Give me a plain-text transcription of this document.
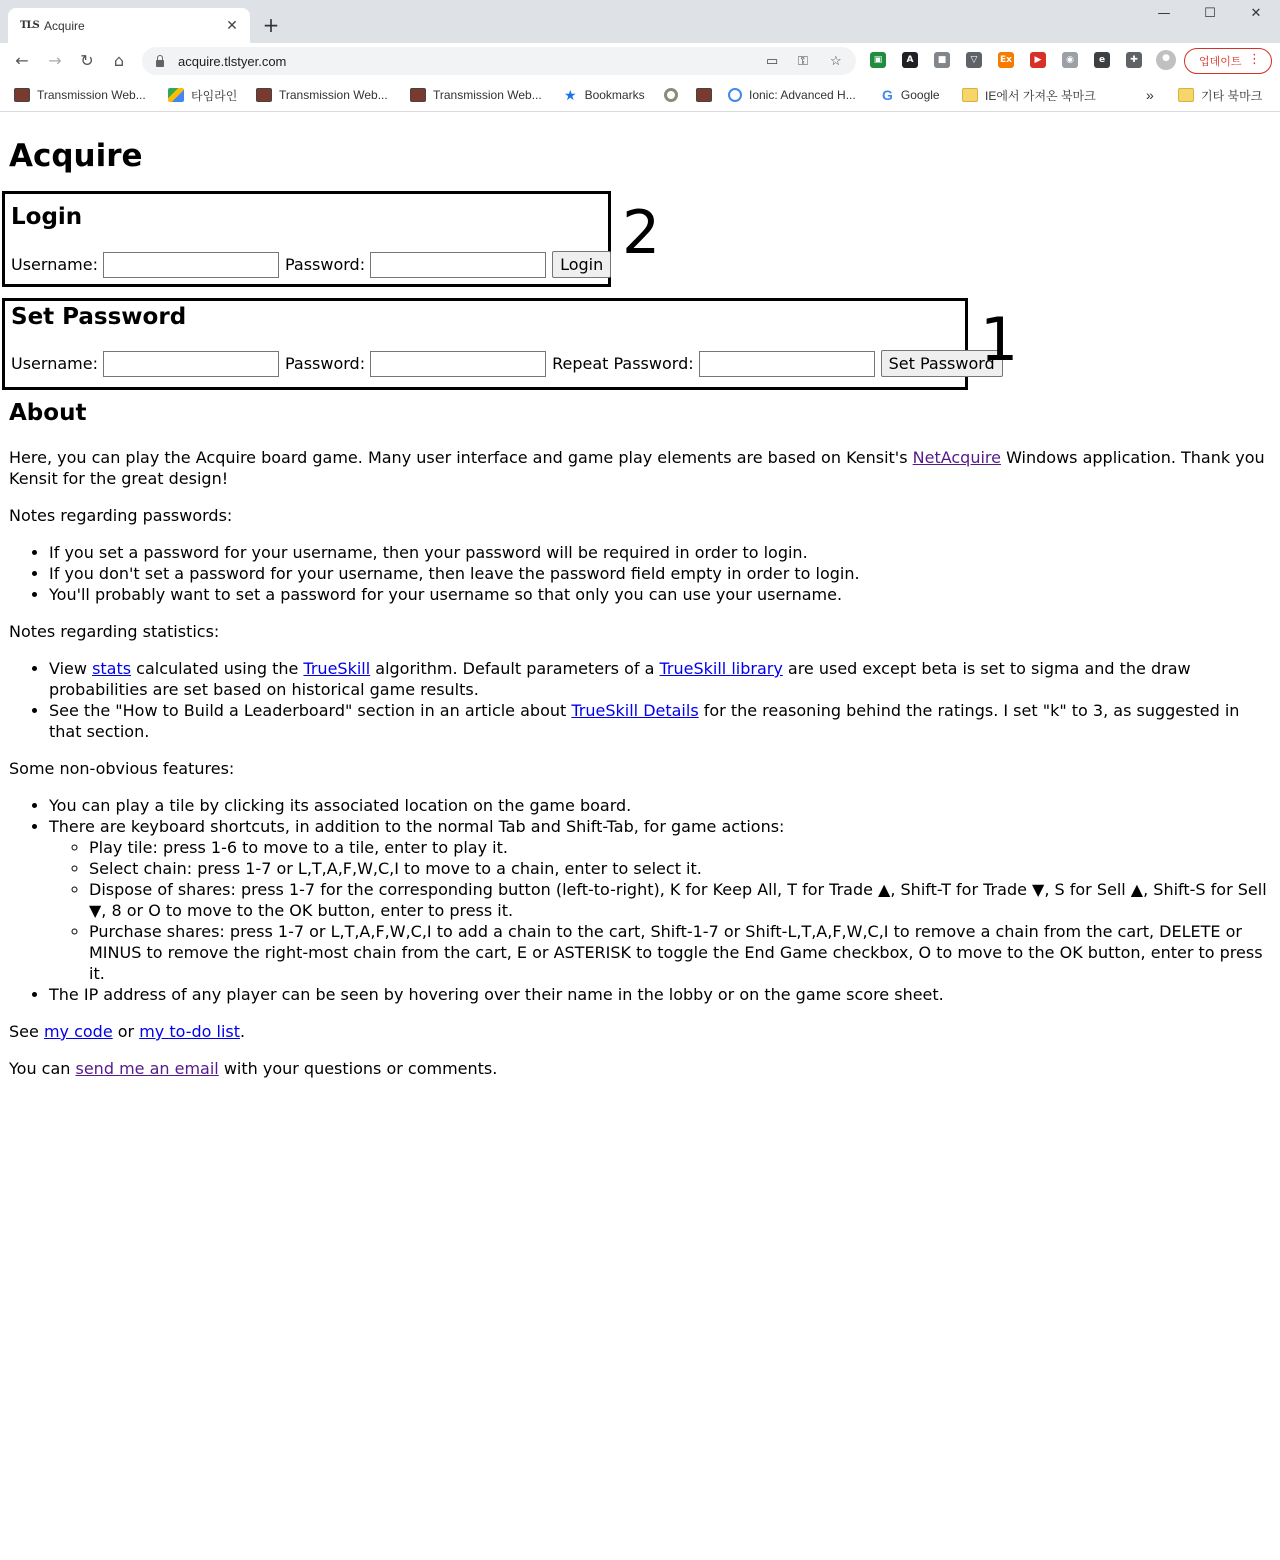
TLS Acquire	✕ +	—	☐	✕
← → ↻	⌂	acquire.tlstyer.com	▭ ⚿ ☆	▣	A	■	▽	Ex	▶	◉	e	✚	●	업데이트 ⋮
Transmission Web...	타임라인	Transmission Web...	Transmission Web... ★ Bookmarks	Ionic: Advanced H... G Google	IE에서 가져온 북마크	»	기타 북마크
Acquire
Login
Username:	Password:	Login 2
Set Password
Username:	Password:	Repeat Password:	Set Password
1
About

Here, you can play the Acquire board game. Many user interface and game play elements are based on Kensit's NetAcquire Windows application. Thank you Kensit for the great design!

Notes regarding passwords:

• If you set a password for your username, then your password will be required in order to login.
• If you don't set a password for your username, then leave the password field empty in order to login.
• You'll probably want to set a password for your username so that only you can use your username.

Notes regarding statistics:

• View stats calculated using the TrueSkill algorithm. Default parameters of a TrueSkill library are used except beta is set to sigma and the draw probabilities are set based on historical game results.
• See the "How to Build a Leaderboard" section in an article about TrueSkill Details for the reasoning behind the ratings. I set "k" to 3, as suggested in that section.

Some non-obvious features:

• You can play a tile by clicking its associated location on the game board.
• There are keyboard shortcuts, in addition to the normal Tab and Shift-Tab, for game actions:
◦ Play tile: press 1-6 to move to a tile, enter to play it.
◦ Select chain: press 1-7 or L,T,A,F,W,C,I to move to a chain, enter to select it.
◦ Dispose of shares: press 1-7 for the corresponding button (left-to-right), K for Keep All, T for Trade ▲, Shift-T for Trade ▼, S for Sell ▲, Shift-S for Sell ▼, 8 or O to move to the OK button, enter to press it.
◦ Purchase shares: press 1-7 or L,T,A,F,W,C,I to add a chain to the cart, Shift-1-7 or Shift-L,T,A,F,W,C,I to remove a chain from the cart, DELETE or MINUS to remove the right-most chain from the cart, E or ASTERISK to toggle the End Game checkbox, O to move to the OK button, enter to press it.
• The IP address of any player can be seen by hovering over their name in the lobby or on the game score sheet.

See my code or my to-do list.

You can send me an email with your questions or comments.
